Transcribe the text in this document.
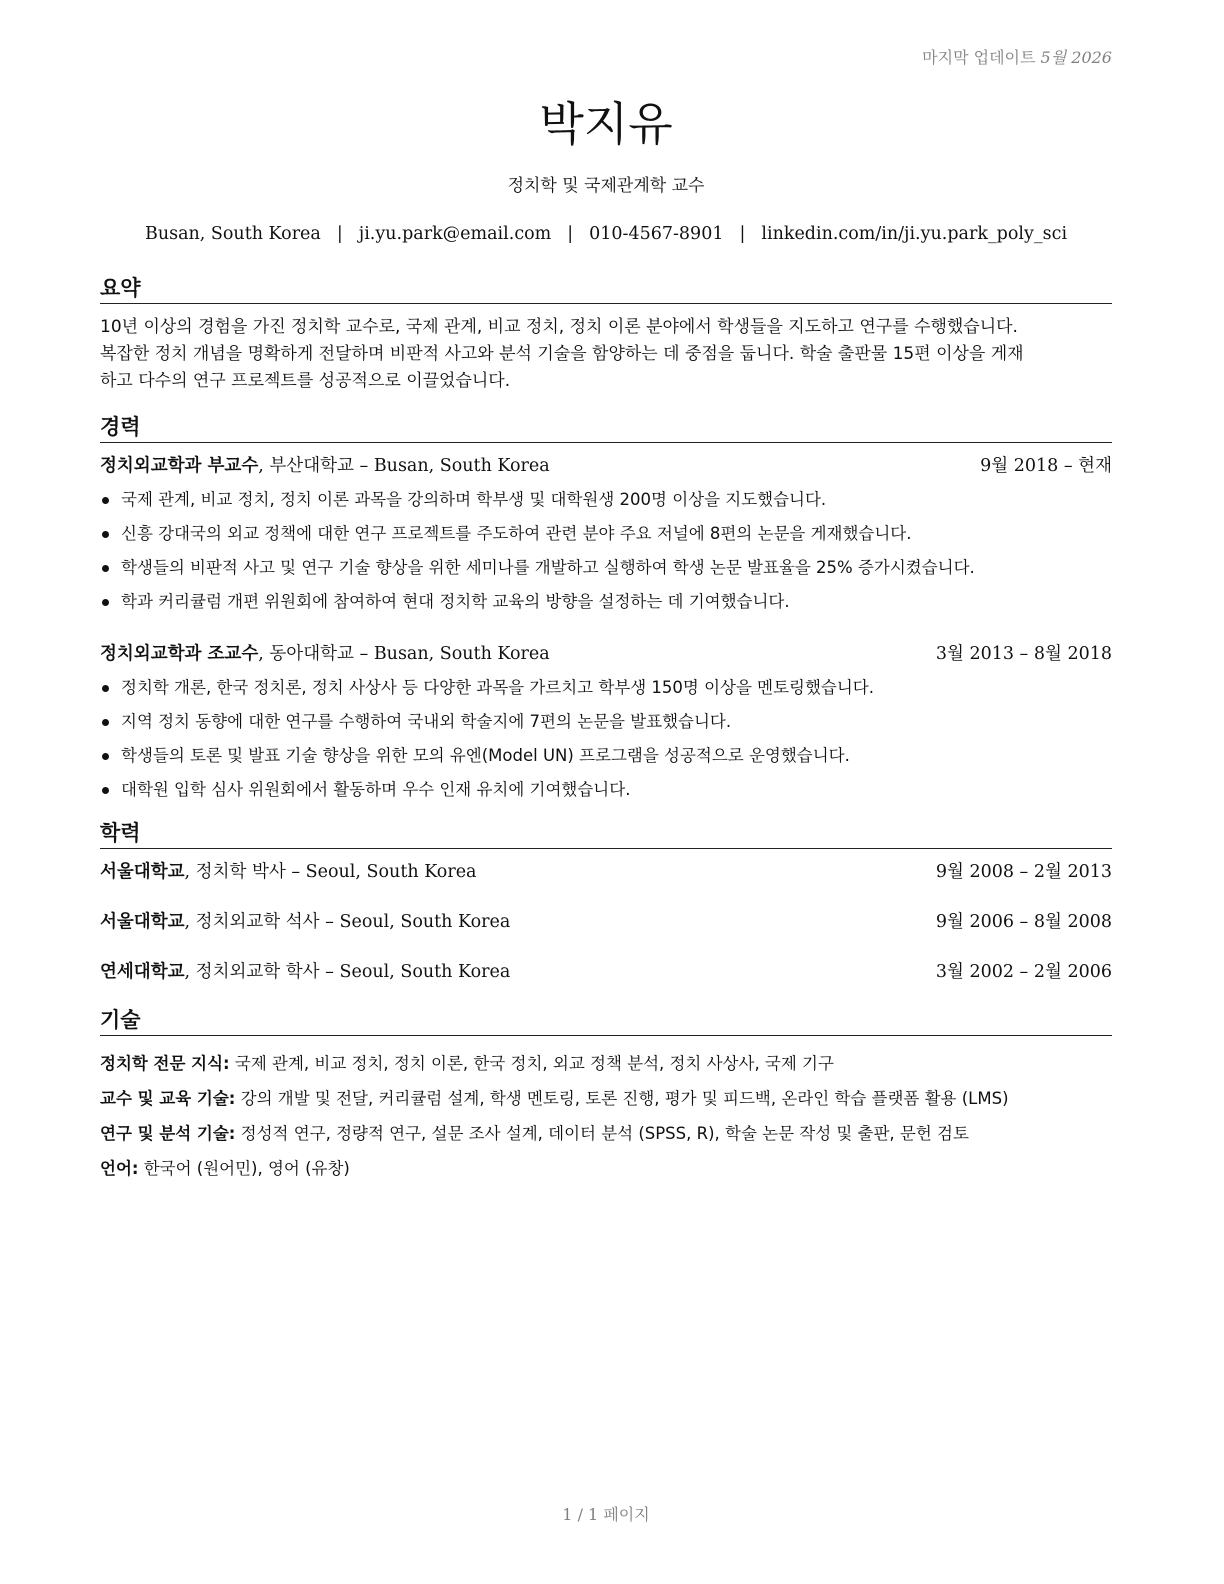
마지막 업데이트 5월 2026
박지유
정치학 및 국제관계학 교수
Busan, South Korea | ji.yu.park@email.com | 010-4567-8901 | linkedin.com/in/ji.yu.park_poly_sci
요약
10년 이상의 경험을 가진 정치학 교수로, 국제 관계, 비교 정치, 정치 이론 분야에서 학생들을 지도하고 연구를 수행했습니다.
복잡한 정치 개념을 명확하게 전달하며 비판적 사고와 분석 기술을 함양하는 데 중점을 둡니다. 학술 출판물 15편 이상을 게재
하고 다수의 연구 프로젝트를 성공적으로 이끌었습니다.
경력
정치외교학과 부교수, 부산대학교 – Busan, South Korea	9월 2018 – 현재
국제 관계, 비교 정치, 정치 이론 과목을 강의하며 학부생 및 대학원생 200명 이상을 지도했습니다.
신흥 강대국의 외교 정책에 대한 연구 프로젝트를 주도하여 관련 분야 주요 저널에 8편의 논문을 게재했습니다.
학생들의 비판적 사고 및 연구 기술 향상을 위한 세미나를 개발하고 실행하여 학생 논문 발표율을 25% 증가시켰습니다.
학과 커리큘럼 개편 위원회에 참여하여 현대 정치학 교육의 방향을 설정하는 데 기여했습니다.
정치외교학과 조교수, 동아대학교 – Busan, South Korea	3월 2013 – 8월 2018
정치학 개론, 한국 정치론, 정치 사상사 등 다양한 과목을 가르치고 학부생 150명 이상을 멘토링했습니다.
지역 정치 동향에 대한 연구를 수행하여 국내외 학술지에 7편의 논문을 발표했습니다.
학생들의 토론 및 발표 기술 향상을 위한 모의 유엔(Model UN) 프로그램을 성공적으로 운영했습니다.
대학원 입학 심사 위원회에서 활동하며 우수 인재 유치에 기여했습니다.
학력
서울대학교, 정치학 박사 – Seoul, South Korea	9월 2008 – 2월 2013
서울대학교, 정치외교학 석사 – Seoul, South Korea	9월 2006 – 8월 2008
연세대학교, 정치외교학 학사 – Seoul, South Korea	3월 2002 – 2월 2006
기술
정치학 전문 지식: 국제 관계, 비교 정치, 정치 이론, 한국 정치, 외교 정책 분석, 정치 사상사, 국제 기구
교수 및 교육 기술: 강의 개발 및 전달, 커리큘럼 설계, 학생 멘토링, 토론 진행, 평가 및 피드백, 온라인 학습 플랫폼 활용 (LMS)
연구 및 분석 기술: 정성적 연구, 정량적 연구, 설문 조사 설계, 데이터 분석 (SPSS, R), 학술 논문 작성 및 출판, 문헌 검토
언어: 한국어 (원어민), 영어 (유창)
1 / 1 페이지
